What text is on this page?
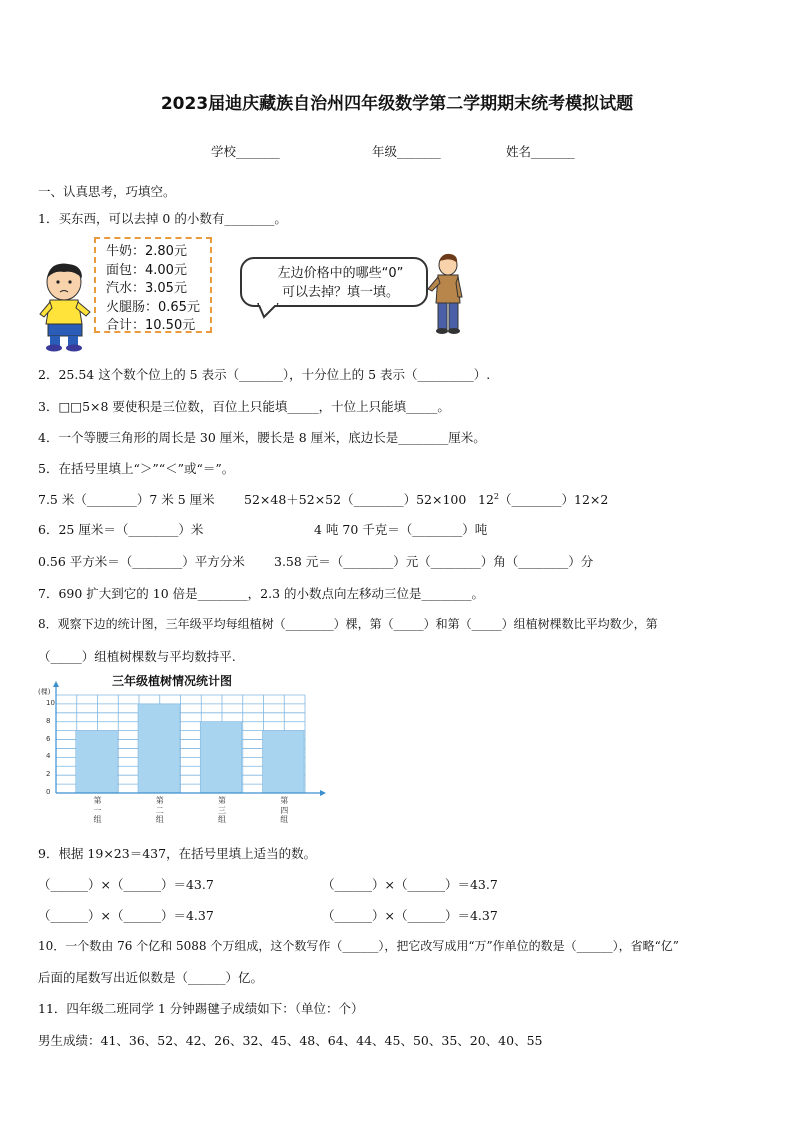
2023届迪庆藏族自治州四年级数学第二学期期末统考模拟试题
学校_______	年级_______	姓名_______
一、认真思考，巧填空。
1．买东西，可以去掉 0 的小数有________。
牛奶：2.80元
面包：4.00元
汽水：3.05元
火腿肠：0.65元
合计：10.50元
左边价格中的哪些“0”
可以去掉？填一填。
2．25.54 这个数个位上的 5 表示（_______），十分位上的 5 表示（_________）.
3．□□5×8 要使积是三位数，百位上只能填_____，十位上只能填_____。
4．一个等腰三角形的周长是 30 厘米，腰长是 8 厘米，底边长是________厘米。
5．在括号里填上“＞”“＜”或“＝”。
7.5 米（________）7 米 5 厘米 52×48＋52×52（________）52×100 $12^2(\_\_\_\_\_\_\_\_)12\times 2$
6．25 厘米＝（________）米	4 吨 70 千克＝（________）吨
0.56 平方米＝（________）平方分米 3.58 元＝（________）元（________）角（________）分
7．690 扩大到它的 10 倍是________，2.3 的小数点向左移动三位是________。
8．观察下边的统计图，三年级平均每组植树（________）棵，第（_____）和第（_____）组植树棵数比平均数少，第
（_____）组植树棵数与平均数持平.
三年级植树情况统计图
(棵)
0
2
4
6
8
10
第
一
组
第
二
组
第
三
组
第
四
组
9．根据 19×23＝437，在括号里填上适当的数。
（______）×（______）＝43.7	（______）×（______）＝43.7
（______）×（______）＝4.37	（______）×（______）＝4.37
10．一个数由 76 个亿和 5088 个万组成，这个数写作（______），把它改写成用“万”作单位的数是（______），省略“亿”
后面的尾数写出近似数是（______）亿。
11．四年级二班同学 1 分钟踢毽子成绩如下：（单位：个）
男生成绩：41、36、52、42、26、32、45、48、64、44、45、50、35、20、40、55
